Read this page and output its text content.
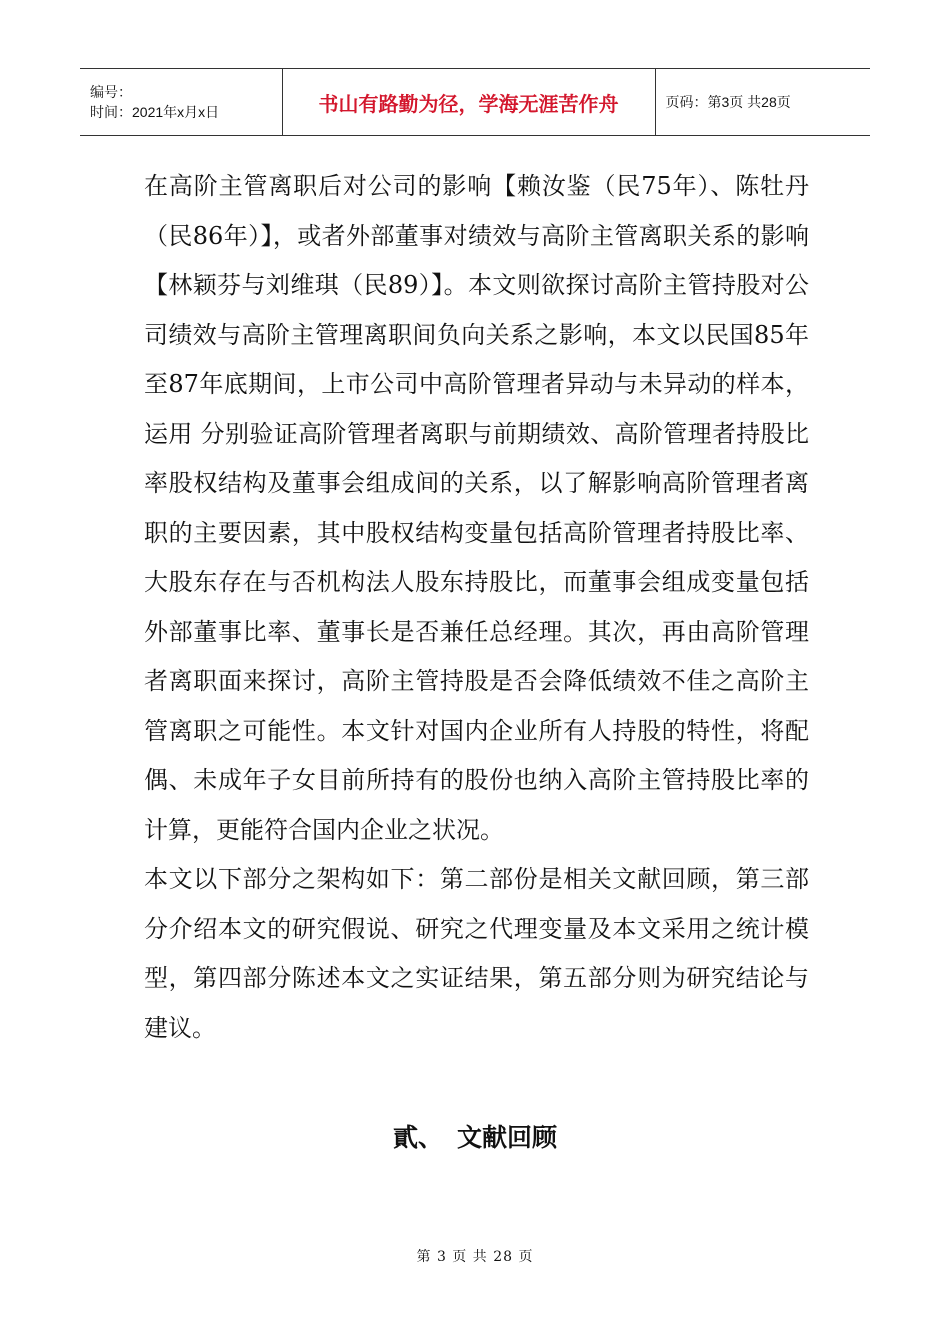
编号：
时间：2021年x月x日	书山有路勤为径，学海无涯苦作舟	页码：第3页 共28页

在高阶主管离职后对公司的影响【赖汝鉴（民75年）、陈牡丹（民86年）】，或者外部董事对绩效与高阶主管离职关系的影响【林颖芬与刘维琪（民89）】。本文则欲探讨高阶主管持股对公司绩效与高阶主管理离职间负向关系之影响，本文以民国85年至87年底期间，上市公司中高阶管理者异动与未异动的样本，运用 分别验证高阶管理者离职与前期绩效、高阶管理者持股比率股权结构及董事会组成间的关系，以了解影响高阶管理者离职的主要因素，其中股权结构变量包括高阶管理者持股比率、大股东存在与否机构法人股东持股比，而董事会组成变量包括外部董事比率、董事长是否兼任总经理。其次，再由高阶管理者离职面来探讨，高阶主管持股是否会降低绩效不佳之高阶主管离职之可能性。本文针对国内企业所有人持股的特性，将配偶、未成年子女目前所持有的股份也纳入高阶主管持股比率的计算，更能符合国内企业之状况。

本文以下部分之架构如下：第二部份是相关文献回顾，第三部分介绍本文的研究假说、研究之代理变量及本文采用之统计模型，第四部分陈述本文之实证结果，第五部分则为研究结论与建议。

貳、 文献回顾
第 3 页 共 28 页
